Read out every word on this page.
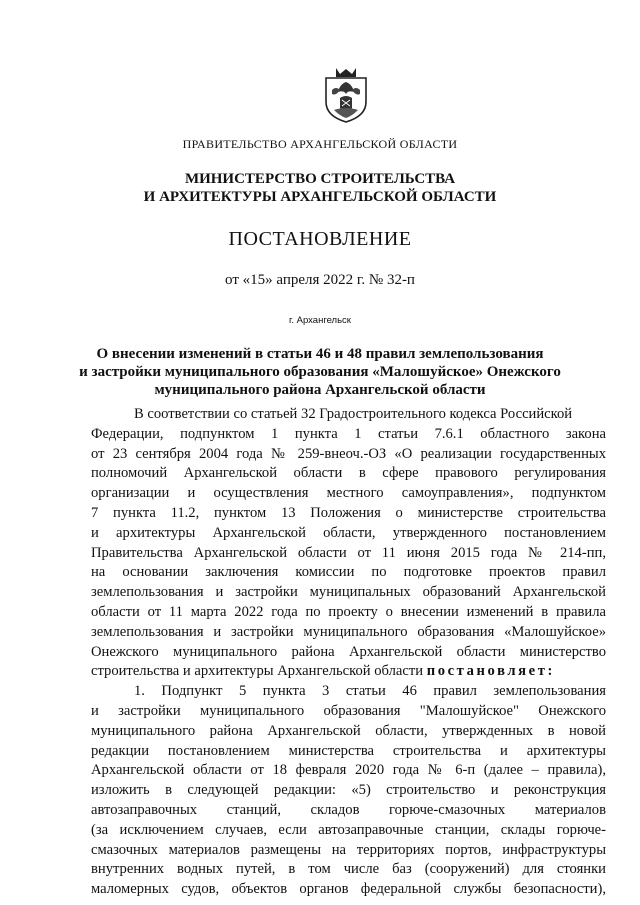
ПРАВИТЕЛЬСТВО АРХАНГЕЛЬСКОЙ ОБЛАСТИ
МИНИСТЕРСТВО СТРОИТЕЛЬСТВА
И АРХИТЕКТУРЫ АРХАНГЕЛЬСКОЙ ОБЛАСТИ
ПОСТАНОВЛЕНИЕ
от «15» апреля 2022 г. № 32-п
г. Архангельск
О внесении изменений в статьи 46 и 48 правил землепользования
и застройки муниципального образования «Малошуйское» Онежского
муниципального района Архангельской области

В соответствии со статьей 32 Градостроительного кодекса Российской

Федерации, подпунктом 1 пункта 1 статьи 7.6.1 областного закона

от 23 сентября 2004 года № 259-внеоч.-ОЗ «О реализации государственных

полномочий Архангельской области в сфере правового регулирования

организации и осуществления местного самоуправления», подпунктом

7 пункта 11.2, пунктом 13 Положения о министерстве строительства

и архитектуры Архангельской области, утвержденного постановлением

Правительства Архангельской области от 11 июня 2015 года № 214-пп,

на основании заключения комиссии по подготовке проектов правил

землепользования и застройки муниципальных образований Архангельской

области от 11 марта 2022 года по проекту о внесении изменений в правила

землепользования и застройки муниципального образования «Малошуйское»

Онежского муниципального района Архангельской области министерство

строительства и архитектуры Архангельской области постановляет:

1. Подпункт 5 пункта 3 статьи 46 правил землепользования

и застройки муниципального образования "Малошуйское" Онежского

муниципального района Архангельской области, утвержденных в новой

редакции постановлением министерства строительства и архитектуры

Архангельской области от 18 февраля 2020 года № 6-п (далее – правила),

изложить в следующей редакции: «5) строительство и реконструкция

автозаправочных станций, складов горюче-смазочных материалов

(за исключением случаев, если автозаправочные станции, склады горюче-

смазочных материалов размещены на территориях портов, инфраструктуры

внутренних водных путей, в том числе баз (сооружений) для стоянки

маломерных судов, объектов органов федеральной службы безопасности),
